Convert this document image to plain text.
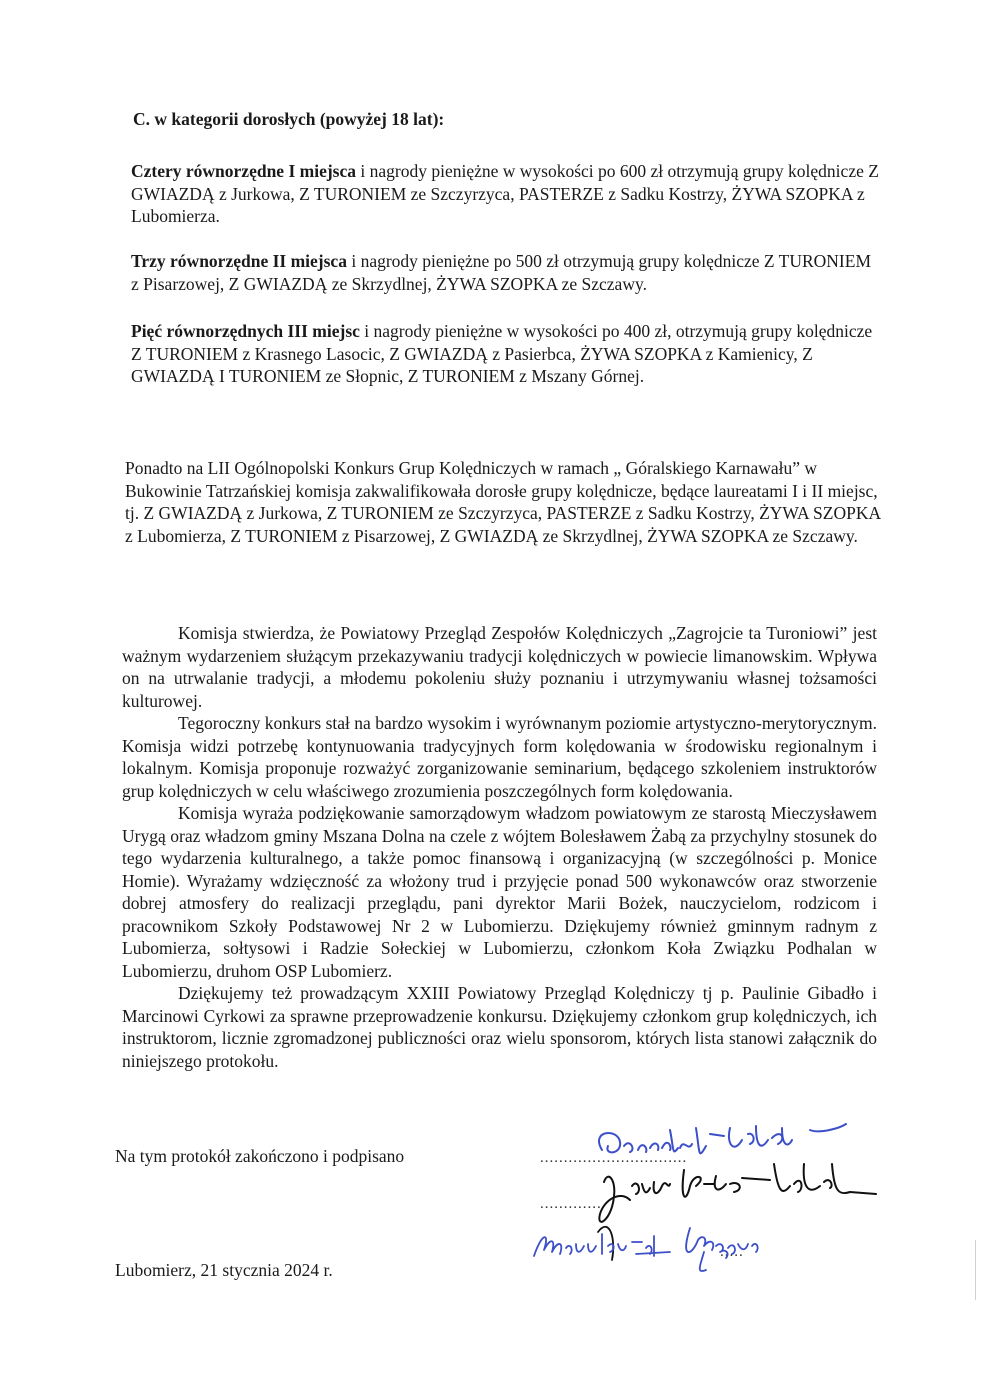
C. w kategorii dorosłych (powyżej 18 lat):
Cztery równorzędne I miejsca i nagrody pieniężne w wysokości po 600 zł otrzymują grupy kolędnicze Z GWIAZDĄ z Jurkowa, Z TURONIEM ze Szczyrzyca, PASTERZE z Sadku Kostrzy, ŻYWA SZOPKA z Lubomierza.
Trzy równorzędne II miejsca i nagrody pieniężne po 500 zł otrzymują grupy kolędnicze Z TURONIEM z Pisarzowej, Z GWIAZDĄ ze Skrzydlnej, ŻYWA SZOPKA ze Szczawy.
Pięć równorzędnych III miejsc i nagrody pieniężne w wysokości po 400 zł, otrzymują grupy kolędnicze Z TURONIEM z Krasnego Lasocic, Z GWIAZDĄ z Pasierbca, ŻYWA SZOPKA z Kamienicy, Z GWIAZDĄ I TURONIEM ze Słopnic, Z TURONIEM z Mszany Górnej.
Ponadto na LII Ogólnopolski Konkurs Grup Kolędniczych w ramach „ Góralskiego Karnawału” w Bukowinie Tatrzańskiej komisja zakwalifikowała dorosłe grupy kolędnicze, będące laureatami I i II miejsc, tj. Z GWIAZDĄ z Jurkowa, Z TURONIEM ze Szczyrzyca, PASTERZE z Sadku Kostrzy, ŻYWA SZOPKA z Lubomierza, Z TURONIEM z Pisarzowej, Z GWIAZDĄ ze Skrzydlnej, ŻYWA SZOPKA ze Szczawy.

Komisja stwierdza, że Powiatowy Przegląd Zespołów Kolędniczych „Zagrojcie ta Turoniowi” jest ważnym wydarzeniem służącym przekazywaniu tradycji kolędniczych w powiecie limanowskim. Wpływa on na utrwalanie tradycji, a młodemu pokoleniu służy poznaniu i utrzymywaniu własnej tożsamości kulturowej.

Tegoroczny konkurs stał na bardzo wysokim i wyrównanym poziomie artystyczno-merytorycznym. Komisja widzi potrzebę kontynuowania tradycyjnych form kolędowania w środowisku regionalnym i lokalnym. Komisja proponuje rozważyć zorganizowanie seminarium, będącego szkoleniem instruktorów grup kolędniczych w celu właściwego zrozumienia poszczególnych form kolędowania.

Komisja wyraża podziękowanie samorządowym władzom powiatowym ze starostą Mieczysławem Urygą oraz władzom gminy Mszana Dolna na czele z wójtem Bolesławem Żabą za przychylny stosunek do tego wydarzenia kulturalnego, a także pomoc finansową i organizacyjną (w szczególności p. Monice Homie). Wyrażamy wdzięczność za włożony trud i przyjęcie ponad 500 wykonawców oraz stworzenie dobrej atmosfery do realizacji przeglądu, pani dyrektor Marii Bożek, nauczycielom, rodzicom i pracownikom Szkoły Podstawowej Nr 2 w Lubomierzu. Dziękujemy również gminnym radnym z Lubomierza, sołtysowi i Radzie Sołeckiej w Lubomierzu, członkom Koła Związku Podhalan w Lubomierzu, druhom OSP Lubomierz.

Dziękujemy też prowadzącym XXIII Powiatowy Przegląd Kolędniczy tj p. Paulinie Gibadło i Marcinowi Cyrkowi za sprawne przeprowadzenie konkursu. Dziękujemy członkom grup kolędniczych, ich instruktorom, licznie zgromadzonej publiczności oraz wielu sponsorom, których lista stanowi załącznik do niniejszego protokołu.

Na tym protokół zakończono i podpisano	...............................
.............
.....
Lubomierz, 21 stycznia 2024 r.
